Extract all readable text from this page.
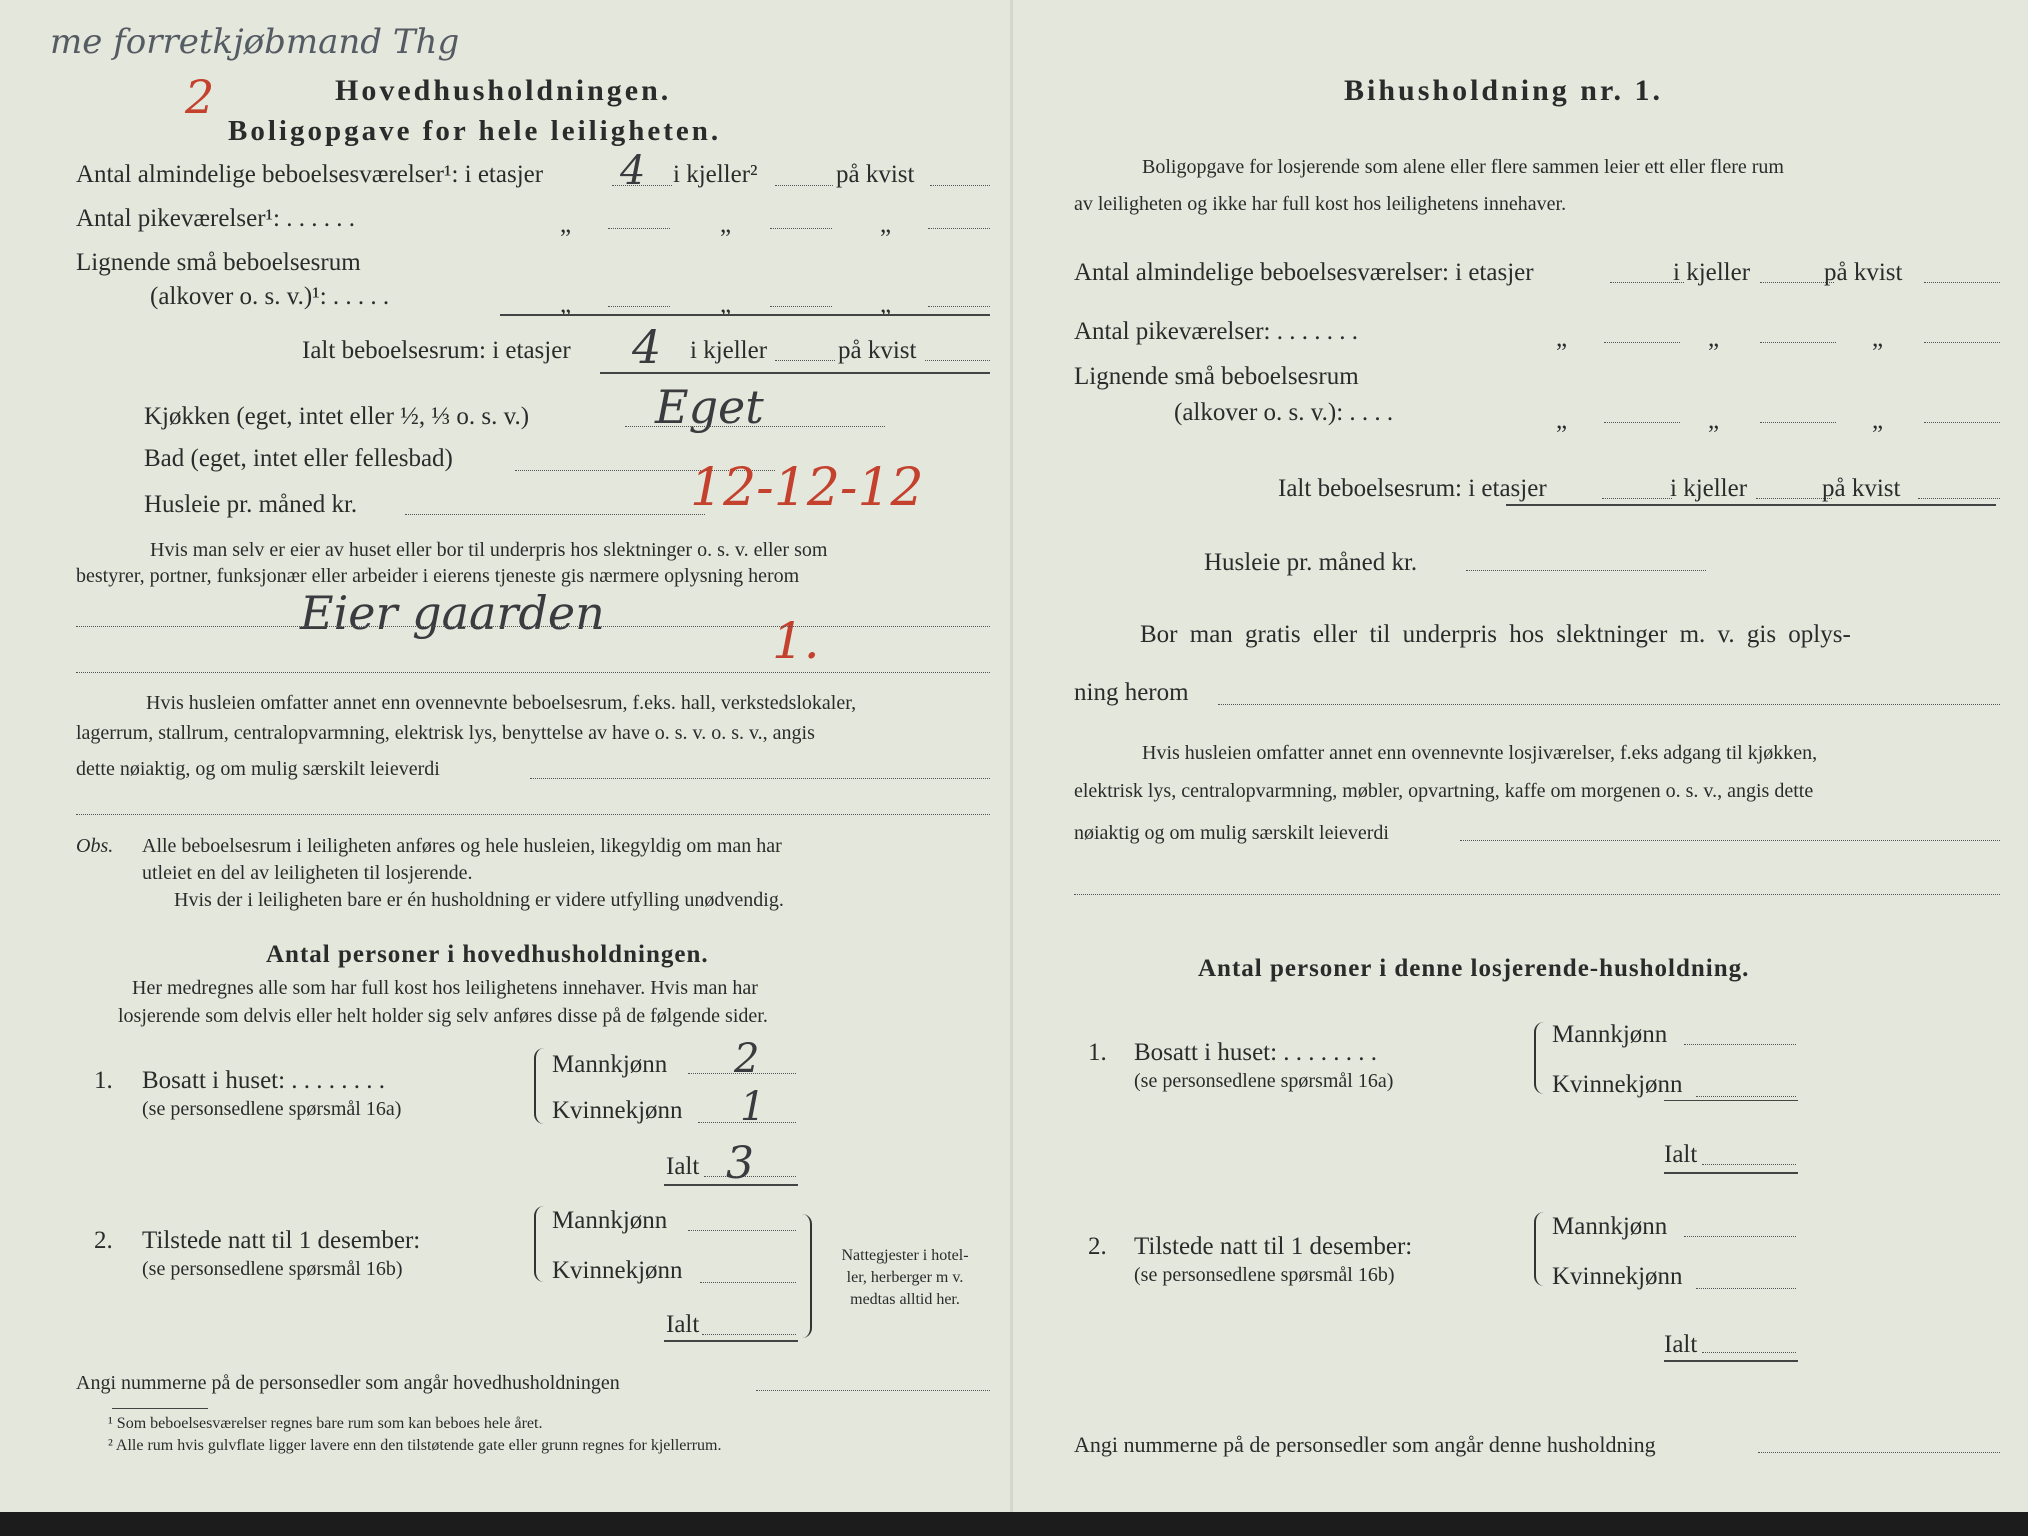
me forretkjøbmand Thg
2	Hovedhusholdningen.
Boligopgave for hele leiligheten.
Antal almindelige beboelsesværelser¹: i etasjer 4 i kjeller²	på kvist
Antal pikeværelser¹: . . . . . .	„	„	„
Lignende små beboelsesrum
(alkover o. s. v.)¹: . . . . .	„	„	„
Ialt beboelsesrum: i etasjer 4 i kjeller	på kvist
Kjøkken (eget, intet eller ½, ⅓ o. s. v.)	Eget
Bad (eget, intet eller fellesbad)
Husleie pr. måned kr.	12-12-12
Hvis man selv er eier av huset eller bor til underpris hos slektninger o. s. v. eller som
bestyrer, portner, funksjonær eller arbeider i eierens tjeneste gis nærmere oplysning herom
Eier gaarden	1.
Hvis husleien omfatter annet enn ovennevnte beboelsesrum, f.eks. hall, verkstedslokaler,
lagerrum, stallrum, centralopvarmning, elektrisk lys, benyttelse av have o. s. v. o. s. v., angis
dette nøiaktig, og om mulig særskilt leieverdi
Obs. Alle beboelsesrum i leiligheten anføres og hele husleien, likegyldig om man har
utleiet en del av leiligheten til losjerende.
Hvis der i leiligheten bare er én husholdning er videre utfylling unødvendig.
Antal personer i hovedhusholdningen.
Her medregnes alle som har full kost hos leilighetens innehaver. Hvis man har
losjerende som delvis eller helt holder sig selv anføres disse på de følgende sider.
1. Bosatt i huset: . . . . . . . .
(se personsedlene spørsmål 16a)
Mannkjønn 2
Kvinnekjønn 1
Ialt 3
2. Tilstede natt til 1 desember:
(se personsedlene spørsmål 16b)
Mannkjønn
Kvinnekjønn
Ialt
Nattegjester i hotel-
ler, herberger m v.
medtas alltid her.
Angi nummerne på de personsedler som angår hovedhusholdningen
¹ Som beboelsesværelser regnes bare rum som kan beboes hele året.
² Alle rum hvis gulvflate ligger lavere enn den tilstøtende gate eller grunn regnes for kjellerrum.
Bihusholdning nr. 1.
Boligopgave for losjerende som alene eller flere sammen leier ett eller flere rum
av leiligheten og ikke har full kost hos leilighetens innehaver.
Antal almindelige beboelsesværelser: i etasjer	i kjeller	på kvist
Antal pikeværelser: . . . . . . .	„	„	„
Lignende små beboelsesrum
(alkover o. s. v.): . . . .	„	„	„
Ialt beboelsesrum: i etasjer	i kjeller	på kvist
Husleie pr. måned kr.
Bor man gratis eller til underpris hos slektninger m. v. gis oplys-
ning herom
Hvis husleien omfatter annet enn ovennevnte losjiværelser, f.eks adgang til kjøkken,
elektrisk lys, centralopvarmning, møbler, opvartning, kaffe om morgenen o. s. v., angis dette
nøiaktig og om mulig særskilt leieverdi
Antal personer i denne losjerende-husholdning.
1. Bosatt i huset: . . . . . . . .
(se personsedlene spørsmål 16a)
Mannkjønn
Kvinnekjønn
Ialt
2. Tilstede natt til 1 desember:
(se personsedlene spørsmål 16b)
Mannkjønn
Kvinnekjønn
Ialt
Angi nummerne på de personsedler som angår denne husholdning
